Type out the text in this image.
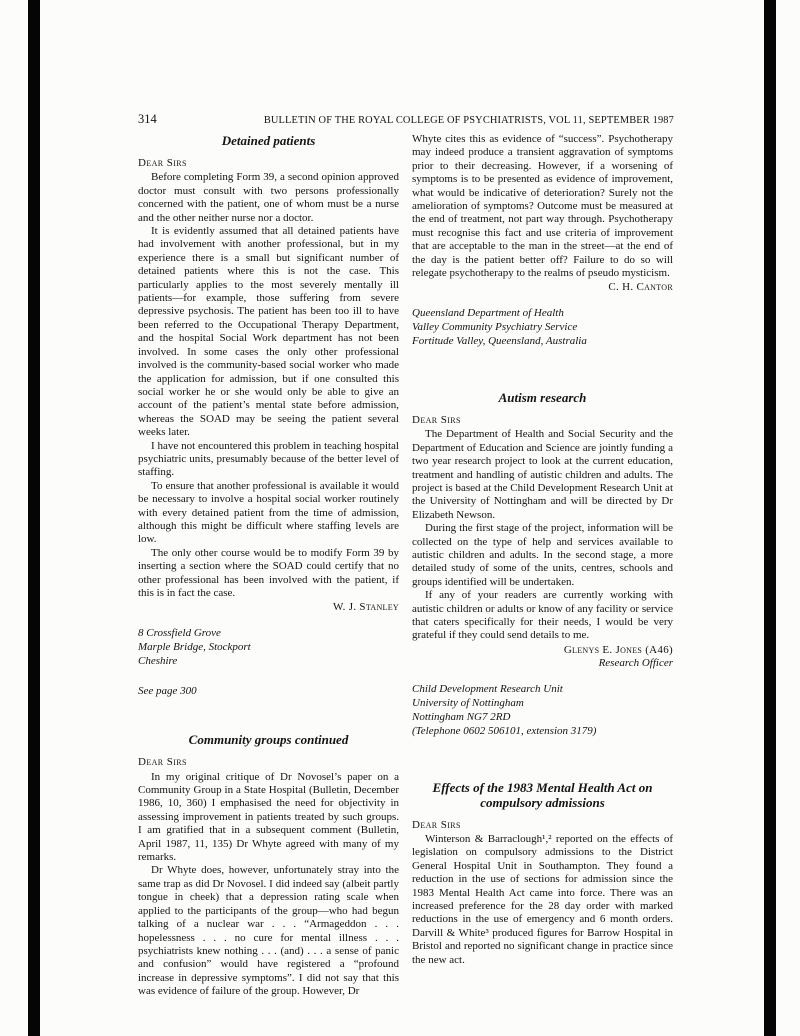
314	BULLETIN OF THE ROYAL COLLEGE OF PSYCHIATRISTS, VOL 11, SEPTEMBER 1987
Detained patients
Dear Sirs

Before completing Form 39, a second opinion approved doctor must consult with two persons professionally concerned with the patient, one of whom must be a nurse and the other neither nurse nor a doctor.

It is evidently assumed that all detained patients have had involvement with another professional, but in my experience there is a small but significant number of detained patients where this is not the case. This particularly applies to the most severely mentally ill patients—for example, those suffering from severe depressive psychosis. The patient has been too ill to have been referred to the Occupational Therapy Department, and the hospital Social Work department has not been involved. In some cases the only other professional involved is the community-based social worker who made the application for admission, but if one consulted this social worker he or she would only be able to give an account of the patient’s mental state before admission, whereas the SOAD may be seeing the patient several weeks later.

I have not encountered this problem in teaching hospital psychiatric units, presumably because of the better level of staffing.

To ensure that another professional is available it would be necessary to involve a hospital social worker routinely with every detained patient from the time of admission, although this might be difficult where staffing levels are low.

The only other course would be to modify Form 39 by inserting a section where the SOAD could certify that no other professional has been involved with the patient, if this is in fact the case.

W. J. Stanley
8 Crossfield Grove
Marple Bridge, Stockport
Cheshire
See page 300
Community groups continued
Dear Sirs

In my original critique of Dr Novosel’s paper on a Community Group in a State Hospital (Bulletin, December 1986, 10, 360) I emphasised the need for objectivity in assessing improvement in patients treated by such groups. I am gratified that in a subsequent comment (Bulletin, April 1987, 11, 135) Dr Whyte agreed with many of my remarks.

Dr Whyte does, however, unfortunately stray into the same trap as did Dr Novosel. I did indeed say (albeit partly tongue in cheek) that a depression rating scale when applied to the participants of the group—who had begun talking of a nuclear war . . . “Armageddon . . . hopelessness . . . no cure for mental illness . . . psychiatrists knew nothing . . . (and) . . . a sense of panic and confusion” would have registered a “profound increase in depressive symptoms”. I did not say that this was evidence of failure of the group. However, Dr

Whyte cites this as evidence of “success”. Psychotherapy may indeed produce a transient aggravation of symptoms prior to their decreasing. However, if a worsening of symptoms is to be presented as evidence of improvement, what would be indicative of deterioration? Surely not the amelioration of symptoms? Outcome must be measured at the end of treatment, not part way through. Psychotherapy must recognise this fact and use criteria of improvement that are acceptable to the man in the street—at the end of the day is the patient better off? Failure to do so will relegate psychotherapy to the realms of pseudo mysticism.

C. H. Cantor
Queensland Department of Health
Valley Community Psychiatry Service
Fortitude Valley, Queensland, Australia
Autism research
Dear Sirs

The Department of Health and Social Security and the Department of Education and Science are jointly funding a two year research project to look at the current education, treatment and handling of autistic children and adults. The project is based at the Child Development Research Unit at the University of Nottingham and will be directed by Dr Elizabeth Newson.

During the first stage of the project, information will be collected on the type of help and services available to autistic children and adults. In the second stage, a more detailed study of some of the units, centres, schools and groups identified will be undertaken.

If any of your readers are currently working with autistic children or adults or know of any facility or service that caters specifically for their needs, I would be very grateful if they could send details to me.

Glenys E. Jones (A46)
Research Officer
Child Development Research Unit
University of Nottingham
Nottingham NG7 2RD
(Telephone 0602 506101, extension 3179)
Effects of the 1983 Mental Health Act on compulsory admissions
Dear Sirs

Winterson & Barraclough¹,² reported on the effects of legislation on compulsory admissions to the District General Hospital Unit in Southampton. They found a reduction in the use of sections for admission since the 1983 Mental Health Act came into force. There was an increased preference for the 28 day order with marked reductions in the use of emergency and 6 month orders. Darvill & White³ produced figures for Barrow Hospital in Bristol and reported no significant change in practice since the new act.
